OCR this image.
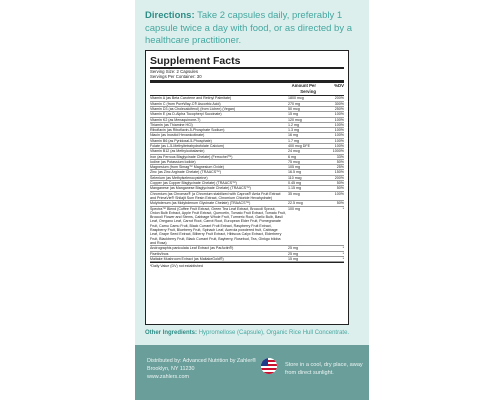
Directions: Take 2 capsules daily, preferably 1 capsule twice a day with food, or as directed by a healthcare practitioner.
Supplement Facts
Serving Size: 2 Capsules
Servings Per Container: 30
Amount Per Serving
%DV
Vitamin A (as Beta Carotene and Retinyl Palmitate)	1800 mcg	200%
Vitamin C (from PureWay-C® Ascorbic Acid)	270 mg	300%
Vitamin D3 (as Cholecalciferol) (from Lichen) (Vegan)	50 mcg	250%
Vitamin E (as D-Alpha Tocopheryl Succinate)	15 mg	100%
Vitamin K2 (as Menaquinone-7)	120 mcg	100%
Thiamin (as Thiamine HCl)	1.2 mg	100%
Riboflavin (as Riboflavin-5-Phosphate Sodium)	1.3 mg	100%
Niacin (as Inositol Hexanicotinate)	16 mg	100%
Vitamin B6 (as Pyridoxal-5-Phosphate)	1.7 mg	100%
Folate (as L-5-Methyltetrahydrofolate Calcium)	400 mcg DFE	100%
Vitamin B12 (as Methylcobalamin)	24 mcg	1000%
Iron (as Ferrous Bisglycinate Chelate) (Ferrochel™)	6 mg	33%
Iodine (as Potassium Iodide)	75 mcg	50%
Magnesium (from Simag™ Magnesium Oxide)	105 mg	25%
Zinc (as Zinc Arginate Chelate) (TRAACS™)	16.5 mg	150%
Selenium (as Methylselenocysteine)	110 mcg	200%
Copper (as Copper Bisglycinate Chelate) (TRAACS™)	0.45 mg	50%
Manganese (as Manganese Bisglycinate Chelate) (TRAACS™)	1.15 mg	50%
Chromium (as Chromax® (a Chromium stabilized with Capros® Amla Fruit Extract and PrimaVie® Shilajit Sum Resin Extract, Chromium Chloride Hexahydrate)
35 mcg	100%
Molybdenum (as Molybdenum Glycinate Chelate) (TRAACS™)	22.5 mcg	50%
Spectra™ Blend (Coffee Fruit Extract, Green Tea Leaf Extract, Broccoli Sprout, Onion Bulb Extract, Apple Fruit Extract, Quercetin, Tomato Fruit Extract, Tomato Fruit, Broccoli Flower and Stems, Cabbage Whole Fruit, Turmeric Root, Garlic Bulb, Basil Leaf, Oregano Leaf, Carrot Root, Carrot Root, European Elder Fruit, Pomegranate Fruit, Camu Camu Fruit, Black Currant Fruit Extract, Raspberry Fruit Extract, Raspberry Fruit, Blueberry Fruit, Spinach Leaf, Acerola powdered fruit, Cabbage Leaf, Grape Seed Extract, Bilberry Fruit Extract, Hibiscus Calyx Extract, Elderberry Fruit, Blackberry Fruit, Black Currant Fruit, Bayberry, Rosebud, Tea, Ginkgo biloba and Rosa)
100 mg	*
Andrographis paniculata Leaf Extract (as ParActin®)	25 mg	*
Fisetin/Inos	25 mg	*
Maitake Mushroom Extract (as MaitakeGold®)	15 mg	*
*Daily Value (DV) not established
Other Ingredients: Hypromellose (Capsule), Organic Rice Hull Concentrate.
Distributed by: Advanced Nutrition by Zahler® Brooklyn, NY 11230
www.zahlers.com
Store in a cool, dry place, away from direct sunlight.
